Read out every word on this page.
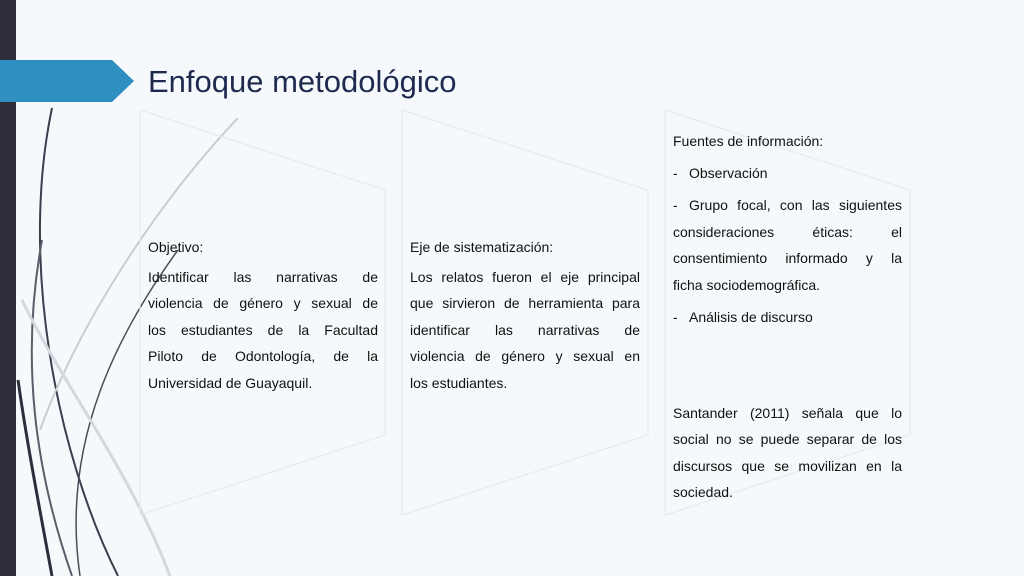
Enfoque metodológico

Objetivo:

Identificar las narrativas de

violencia de género y sexual de

los estudiantes de la Facultad

Piloto de Odontología, de la

Universidad de Guayaquil.

Eje de sistematización:

Los relatos fueron el eje principal

que sirvieron de herramienta para

identificar las narrativas de

violencia de género y sexual en

los estudiantes.

Fuentes de información:

- Observación

- Grupo focal, con las siguientes

consideraciones éticas: el

consentimiento informado y la

ficha sociodemográfica.

- Análisis de discurso

Santander (2011) señala que lo

social no se puede separar de los

discursos que se movilizan en la

sociedad.
